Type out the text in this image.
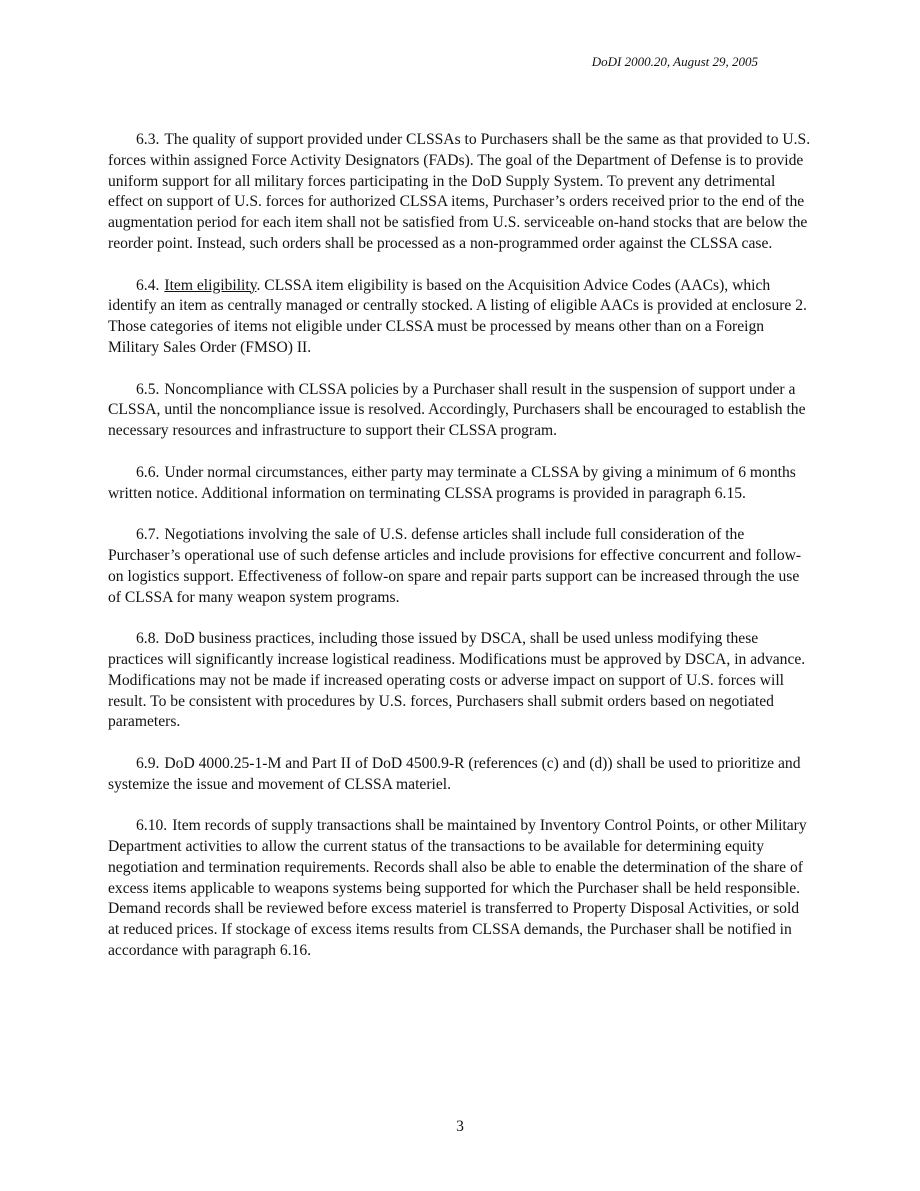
DoDI 2000.20, August 29, 2005

6.3. The quality of support provided under CLSSAs to Purchasers shall be the same as that provided to U.S. forces within assigned Force Activity Designators (FADs). The goal of the Department of Defense is to provide uniform support for all military forces participating in the DoD Supply System. To prevent any detrimental effect on support of U.S. forces for authorized CLSSA items, Purchaser’s orders received prior to the end of the augmentation period for each item shall not be satisfied from U.S. serviceable on-hand stocks that are below the reorder point. Instead, such orders shall be processed as a non-programmed order against the CLSSA case.

6.4. Item eligibility. CLSSA item eligibility is based on the Acquisition Advice Codes (AACs), which identify an item as centrally managed or centrally stocked. A listing of eligible AACs is provided at enclosure 2. Those categories of items not eligible under CLSSA must be processed by means other than on a Foreign Military Sales Order (FMSO) II.

6.5. Noncompliance with CLSSA policies by a Purchaser shall result in the suspension of support under a CLSSA, until the noncompliance issue is resolved. Accordingly, Purchasers shall be encouraged to establish the necessary resources and infrastructure to support their CLSSA program.

6.6. Under normal circumstances, either party may terminate a CLSSA by giving a minimum of 6 months written notice. Additional information on terminating CLSSA programs is provided in paragraph 6.15.

6.7. Negotiations involving the sale of U.S. defense articles shall include full consideration of the Purchaser’s operational use of such defense articles and include provisions for effective concurrent and follow-on logistics support. Effectiveness of follow-on spare and repair parts support can be increased through the use of CLSSA for many weapon system programs.

6.8. DoD business practices, including those issued by DSCA, shall be used unless modifying these practices will significantly increase logistical readiness. Modifications must be approved by DSCA, in advance. Modifications may not be made if increased operating costs or adverse impact on support of U.S. forces will result. To be consistent with procedures by U.S. forces, Purchasers shall submit orders based on negotiated parameters.

6.9. DoD 4000.25-1-M and Part II of DoD 4500.9-R (references (c) and (d)) shall be used to prioritize and systemize the issue and movement of CLSSA materiel.

6.10. Item records of supply transactions shall be maintained by Inventory Control Points, or other Military Department activities to allow the current status of the transactions to be available for determining equity negotiation and termination requirements. Records shall also be able to enable the determination of the share of excess items applicable to weapons systems being supported for which the Purchaser shall be held responsible. Demand records shall be reviewed before excess materiel is transferred to Property Disposal Activities, or sold at reduced prices. If stockage of excess items results from CLSSA demands, the Purchaser shall be notified in accordance with paragraph 6.16.

3
